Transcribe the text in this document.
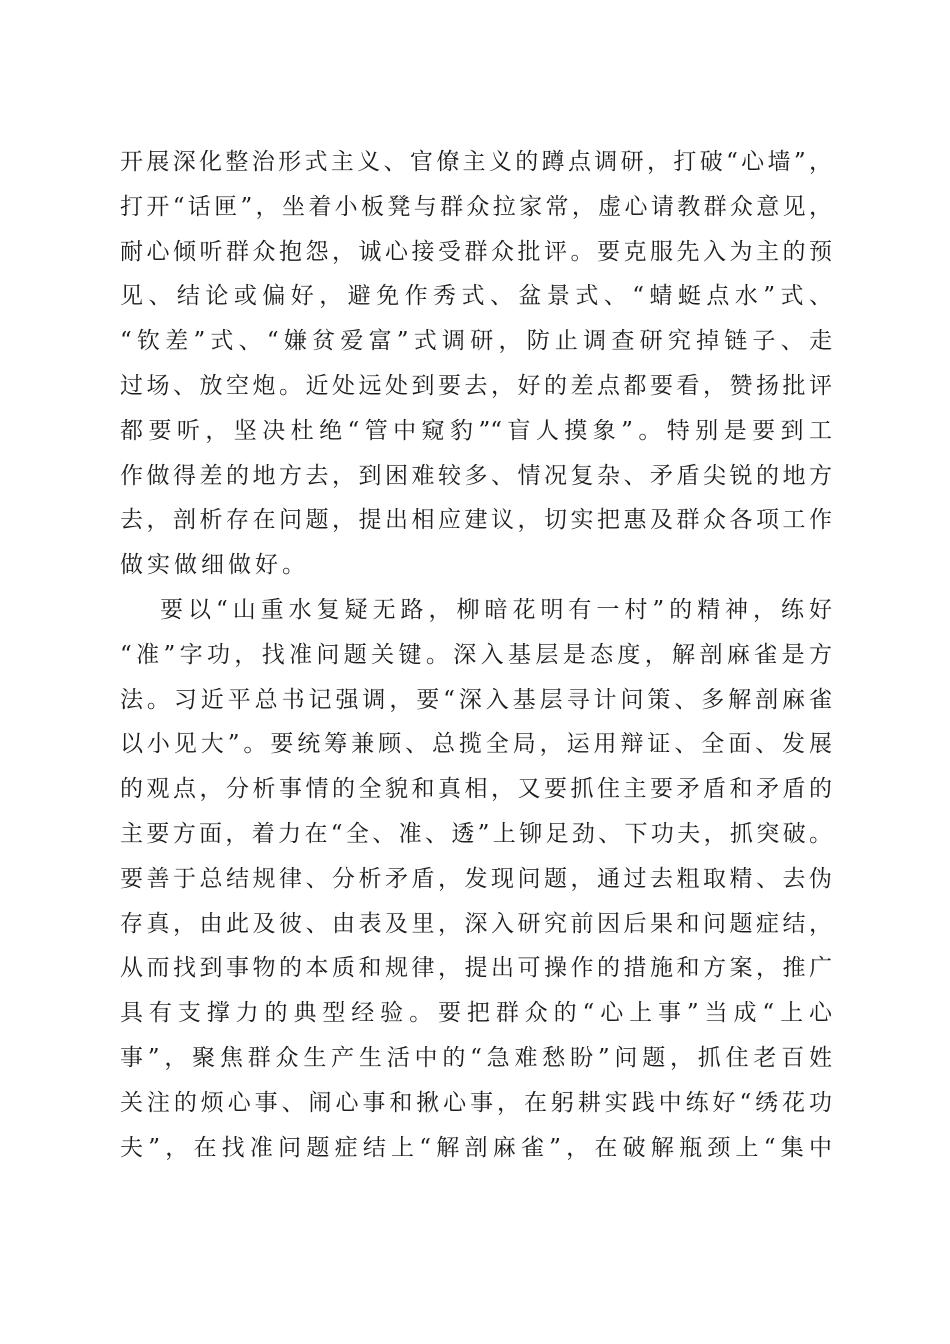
开展深化整治形式主义、官僚主义的蹲点调研，打破“心墙”，
打开“话匣”，坐着小板凳与群众拉家常，虚心请教群众意见，
耐心倾听群众抱怨，诚心接受群众批评。要克服先入为主的预
见、结论或偏好，避免作秀式、盆景式、“蜻蜓点水”式、
“钦差”式、“嫌贫爱富”式调研，防止调查研究掉链子、走
过场、放空炮。近处远处到要去，好的差点都要看，赞扬批评
都要听，坚决杜绝“管中窥豹”“盲人摸象”。特别是要到工
作做得差的地方去，到困难较多、情况复杂、矛盾尖锐的地方
去，剖析存在问题，提出相应建议，切实把惠及群众各项工作
做实做细做好。
要以“山重水复疑无路，柳暗花明有一村”的精神，练好
“准”字功，找准问题关键。深入基层是态度，解剖麻雀是方
法。习近平总书记强调，要“深入基层寻计问策、多解剖麻雀
以小见大”。要统筹兼顾、总揽全局，运用辩证、全面、发展
的观点，分析事情的全貌和真相，又要抓住主要矛盾和矛盾的
主要方面，着力在“全、准、透”上铆足劲、下功夫，抓突破。
要善于总结规律、分析矛盾，发现问题，通过去粗取精、去伪
存真，由此及彼、由表及里，深入研究前因后果和问题症结，
从而找到事物的本质和规律，提出可操作的措施和方案，推广
具有支撑力的典型经验。要把群众的“心上事”当成“上心
事”，聚焦群众生产生活中的“急难愁盼”问题，抓住老百姓
关注的烦心事、闹心事和揪心事，在躬耕实践中练好“绣花功
夫”，在找准问题症结上“解剖麻雀”，在破解瓶颈上“集中
